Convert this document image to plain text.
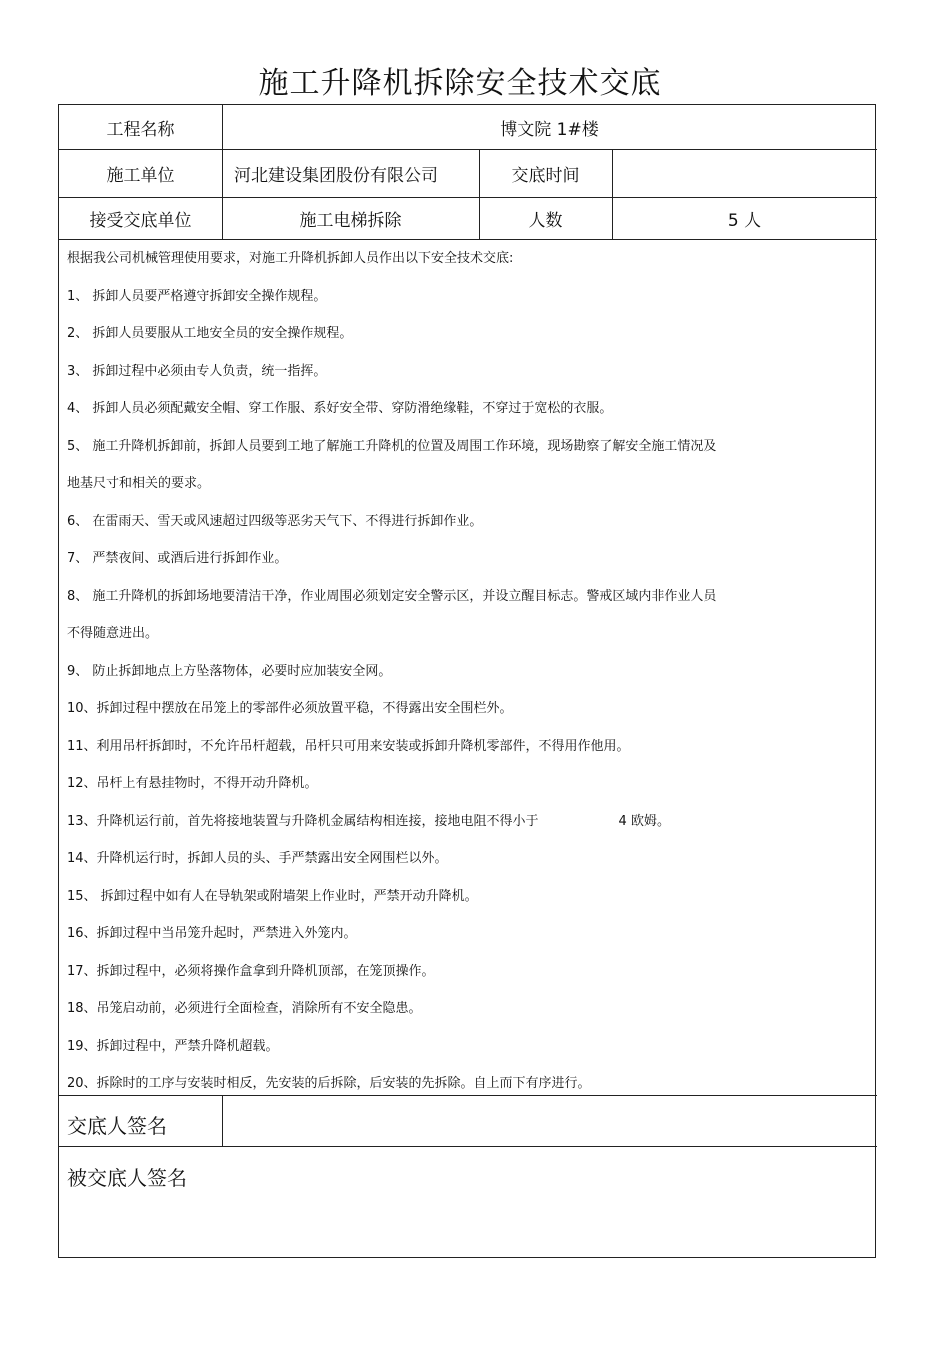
施工升降机拆除安全技术交底
工程名称	博文院 1#楼
施工单位	河北建设集团股份有限公司	交底时间
接受交底单位	施工电梯拆除	人数	5 人
根据我公司机械管理使用要求，对施工升降机拆卸人员作出以下安全技术交底:
1、 拆卸人员要严格遵守拆卸安全操作规程。
2、 拆卸人员要服从工地安全员的安全操作规程。
3、 拆卸过程中必须由专人负责，统一指挥。
4、 拆卸人员必须配戴安全帽、穿工作服、系好安全带、穿防滑绝缘鞋，不穿过于宽松的衣服。
5、 施工升降机拆卸前，拆卸人员要到工地了解施工升降机的位置及周围工作环境，现场勘察了解安全施工情况及
地基尺寸和相关的要求。
6、 在雷雨天、雪天或风速超过四级等恶劣天气下、不得进行拆卸作业。
7、 严禁夜间、或酒后进行拆卸作业。
8、 施工升降机的拆卸场地要清洁干净，作业周围必须划定安全警示区，并设立醒目标志。警戒区域内非作业人员
不得随意进出。
9、 防止拆卸地点上方坠落物体，必要时应加装安全网。
10、拆卸过程中摆放在吊笼上的零部件必须放置平稳，不得露出安全围栏外。
11、利用吊杆拆卸时，不允许吊杆超载，吊杆只可用来安装或拆卸升降机零部件，不得用作他用。
12、吊杆上有悬挂物时，不得开动升降机。
13、升降机运行前，首先将接地装置与升降机金属结构相连接，接地电阻不得小于	4 欧姆。
14、升降机运行时，拆卸人员的头、手严禁露出安全网围栏以外。
15、 拆卸过程中如有人在导轨架或附墙架上作业时，严禁开动升降机。
16、拆卸过程中当吊笼升起时，严禁进入外笼内。
17、拆卸过程中，必须将操作盒拿到升降机顶部，在笼顶操作。
18、吊笼启动前，必须进行全面检查，消除所有不安全隐患。
19、拆卸过程中，严禁升降机超载。
20、拆除时的工序与安装时相反，先安装的后拆除，后安装的先拆除。自上而下有序进行。
交底人签名
被交底人签名
